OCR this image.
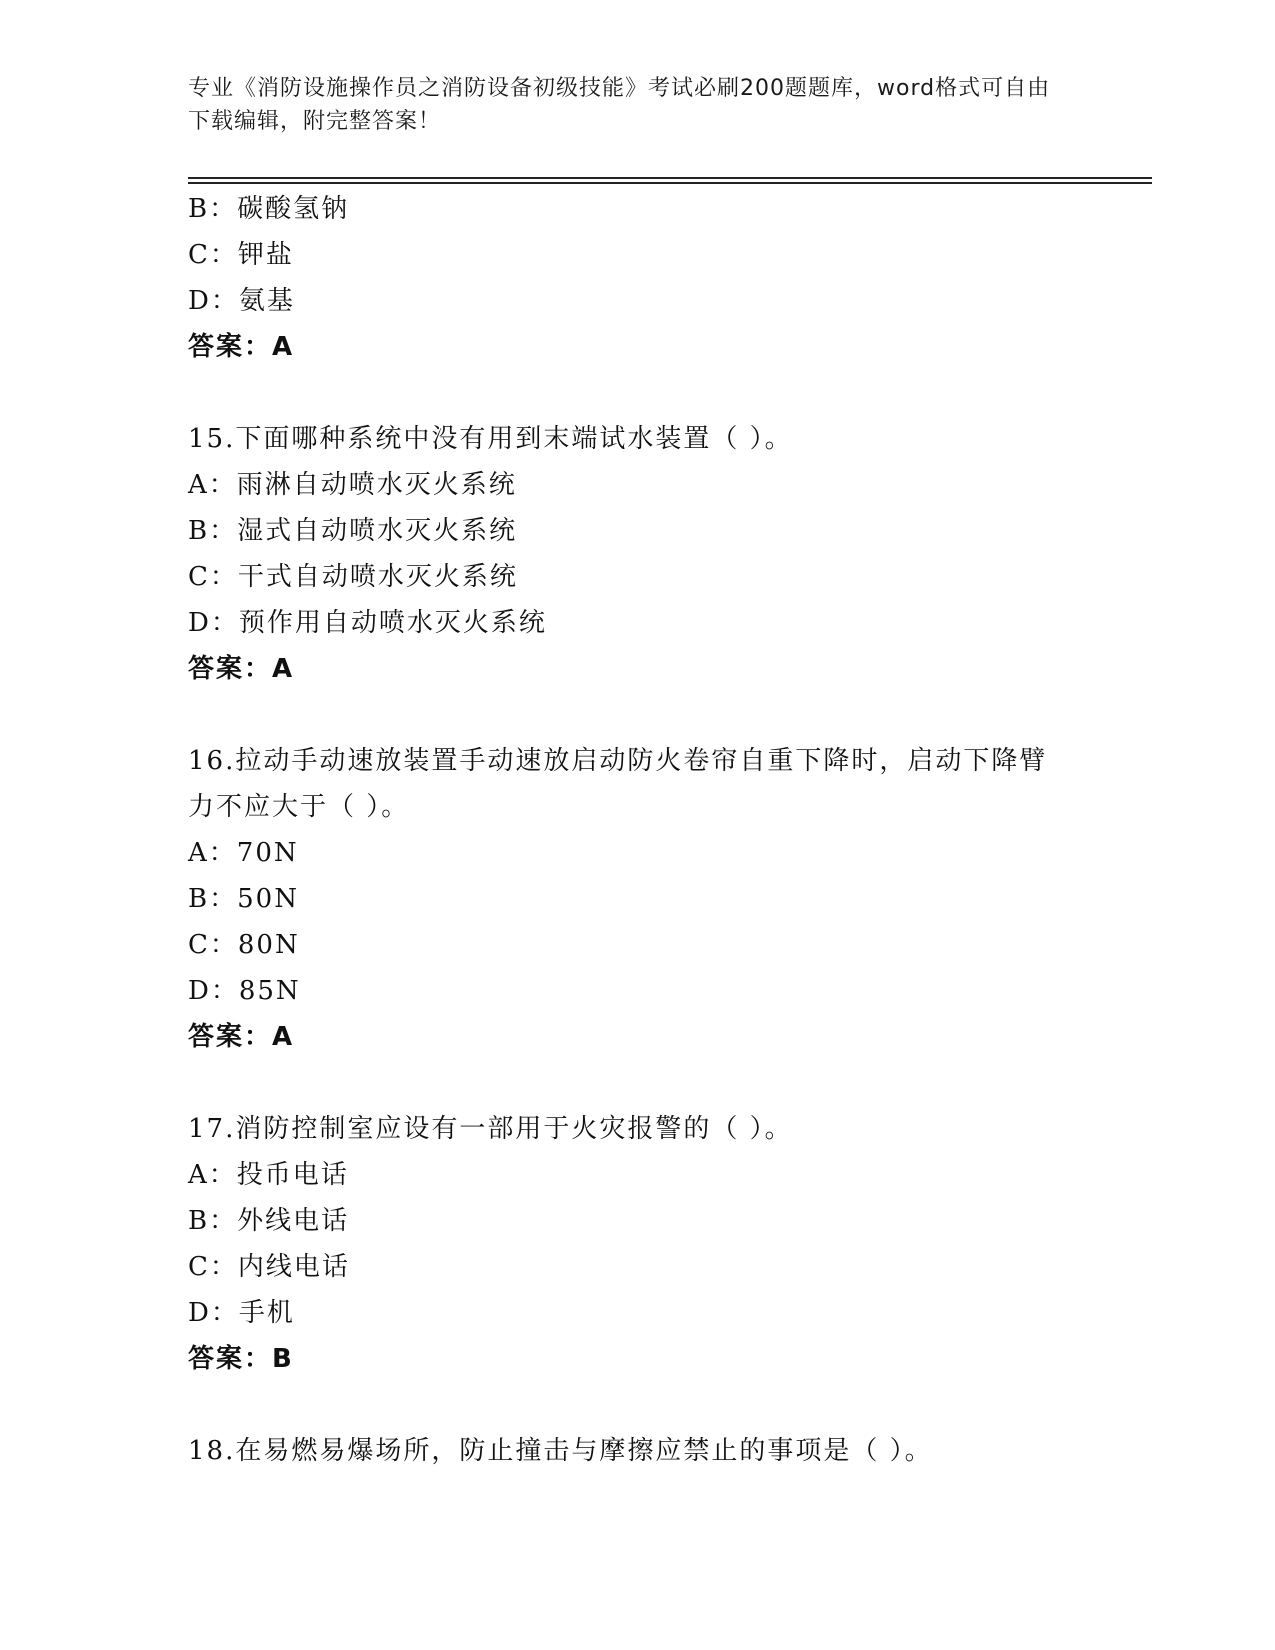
专业《消防设施操作员之消防设备初级技能》考试必刷200题题库，word格式可自由下载编辑，附完整答案！
B：碳酸氢钠
C：钾盐
D：氨基
答案：A
15.下面哪种系统中没有用到末端试水装置（ ）。
A：雨淋自动喷水灭火系统
B：湿式自动喷水灭火系统
C：干式自动喷水灭火系统
D：预作用自动喷水灭火系统
答案：A
16.拉动手动速放装置手动速放启动防火卷帘自重下降时，启动下降臂力不应大于（ ）。
A：70N
B：50N
C：80N
D：85N
答案：A
17.消防控制室应设有一部用于火灾报警的（ ）。
A：投币电话
B：外线电话
C：内线电话
D：手机
答案：B
18.在易燃易爆场所，防止撞击与摩擦应禁止的事项是（ ）。
